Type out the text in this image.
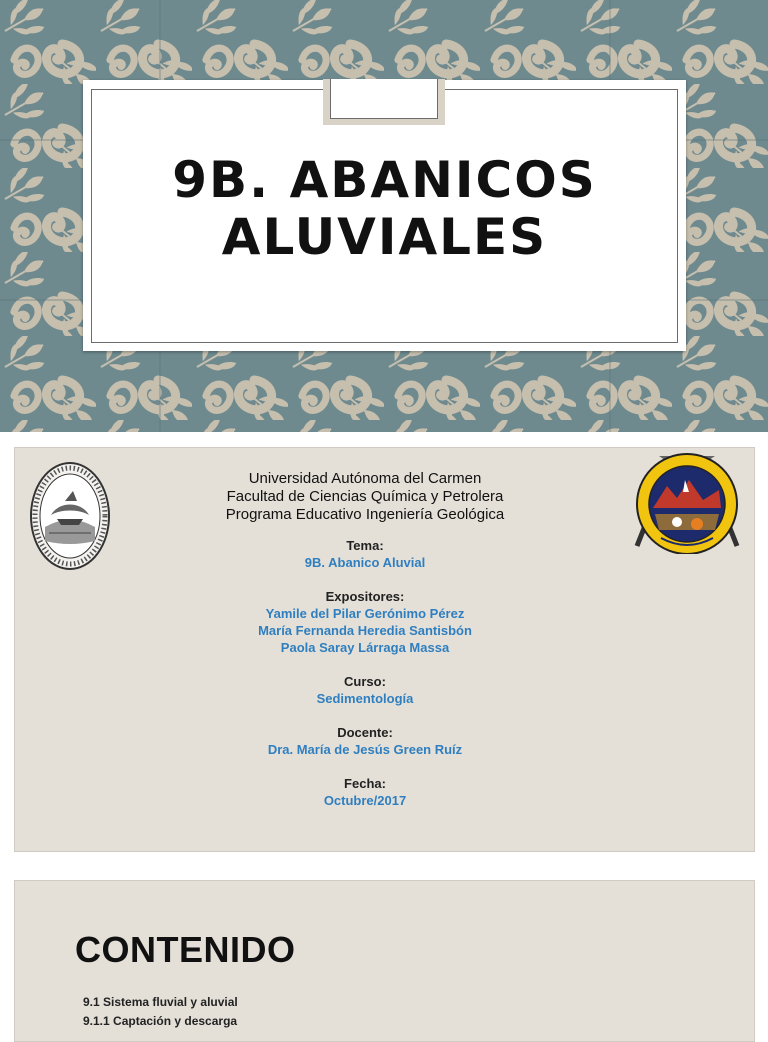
9B. ABANICOS
ALUVIALES
Universidad Autónoma del Carmen
Facultad de Ciencias Química y Petrolera
Programa Educativo Ingeniería Geológica
Tema:
9B. Abanico Aluvial
Expositores:
Yamile del Pilar Gerónimo Pérez
María Fernanda Heredia Santisbón
Paola Saray Lárraga Massa
Curso:
Sedimentología
Docente:
Dra. María de Jesús Green Ruíz
Fecha:
Octubre/2017
CONTENIDO
9.1 Sistema fluvial y aluvial
9.1.1 Captación y descarga
